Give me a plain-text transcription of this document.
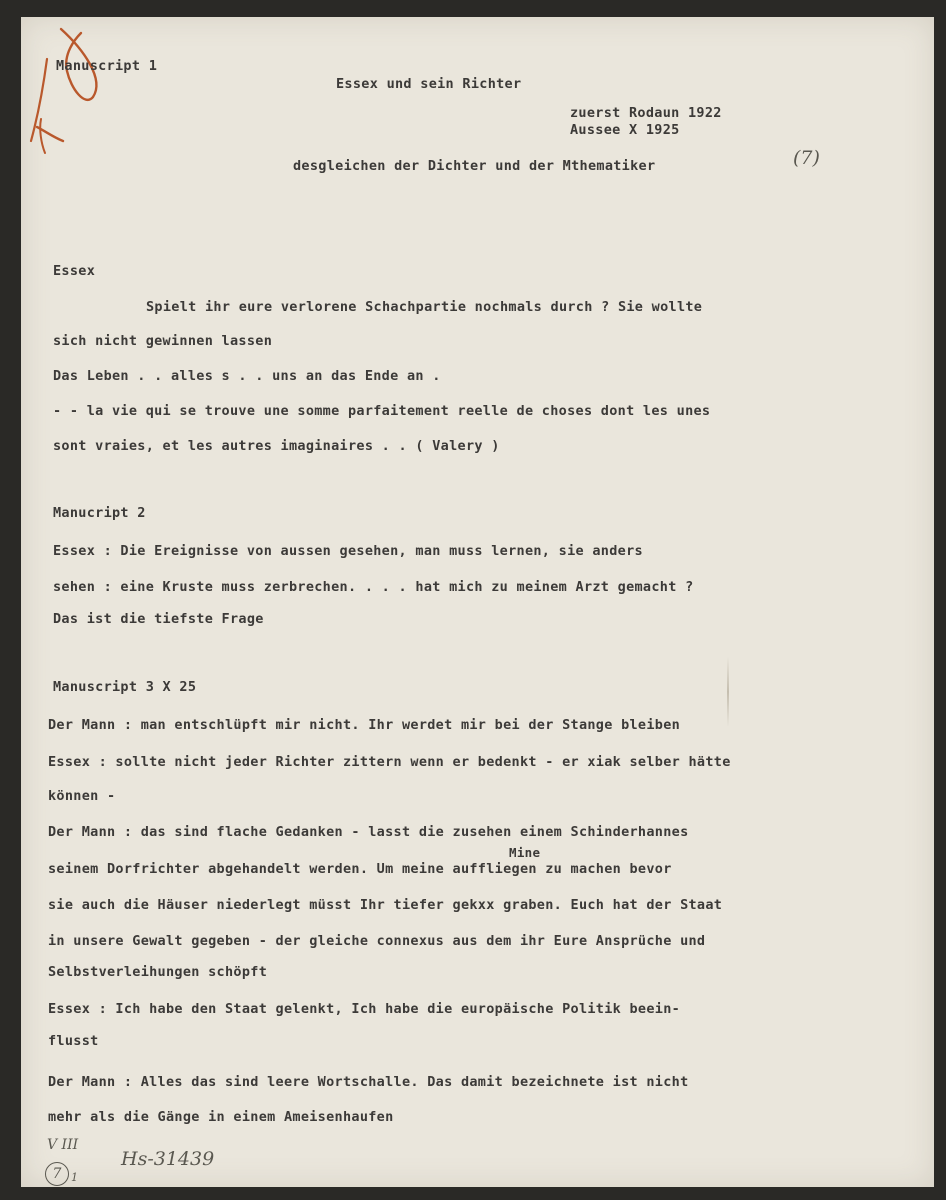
Manuscript 1
Essex und sein Richter
zuerst Rodaun 1922
Aussee X 1925
desgleichen der Dichter und der Mthematiker	(7)
Essex
Spielt ihr eure verlorene Schachpartie nochmals durch ? Sie wollte
sich nicht gewinnen lassen
Das Leben . . alles s . . uns an das Ende an .
- - la vie qui se trouve une somme parfaitement reelle de choses dont les unes
sont vraies, et les autres imaginaires . . ( Valery )
Manucript 2
Essex : Die Ereignisse von aussen gesehen, man muss lernen, sie anders
sehen : eine Kruste muss zerbrechen. . . . hat mich zu meinem Arzt gemacht ?
Das ist die tiefste Frage
Manuscript 3 X 25
Der Mann : man entschlüpft mir nicht. Ihr werdet mir bei der Stange bleiben
Essex : sollte nicht jeder Richter zittern wenn er bedenkt - er xiak selber hätte
können -
Der Mann : das sind flache Gedanken - lasst die zusehen einem Schinderhannes
Mine
seinem Dorfrichter abgehandelt werden. Um meine auffliegen zu machen bevor
sie auch die Häuser niederlegt müsst Ihr tiefer gekxx graben. Euch hat der Staat
in unsere Gewalt gegeben - der gleiche connexus aus dem ihr Eure Ansprüche und
Selbstverleihungen schöpft
Essex : Ich habe den Staat gelenkt, Ich habe die europäische Politik beein-
flusst
Der Mann : Alles das sind leere Wortschalle. Das damit bezeichnete ist nicht
mehr als die Gänge in einem Ameisenhaufen
V III
7 1
Hs-31439
